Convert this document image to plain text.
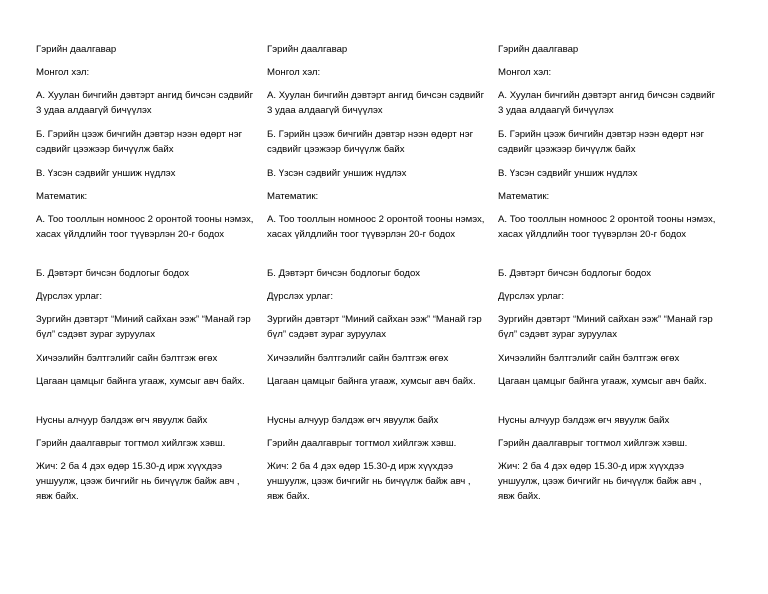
Гэрийн даалгавар

Монгол хэл:

А. Хуулан бичгийн дэвтэрт ангид бичсэн сэдвийг 3 удаа алдаагүй бичүүлэх

Б. Гэрийн цээж бичгийн дэвтэр нээн өдөрт нэг сэдвийг цээжээр бичүүлж байх

В. Үзсэн сэдвийг уншиж нүдлэх

Математик:

А. Тоо тооллын номноос 2 оронтой тооны нэмэх, хасах үйлдлийн тоог түүвэрлэн 20-г бодох

Б. Дэвтэрт бичсэн бодлогыг бодох

Дүрслэх урлаг:

Зургийн дэвтэрт “Миний сайхан ээж” “Манай гэр бүл” сэдэвт зураг зуруулах

Хичээлийн бэлтгэлийг сайн бэлтгэж өгөх

Цагаан цамцыг байнга угааж, хумсыг авч байх.

Нусны алчуур бэлдэж өгч явуулж байх

Гэрийн даалгаврыг тогтмол хийлгэж хэвш.

Жич: 2 ба 4 дэх өдөр 15.30-д ирж хүүхдээ уншуулж, цээж бичгийг нь бичүүлж байж авч , явж байх.

Гэрийн даалгавар

Монгол хэл:

А. Хуулан бичгийн дэвтэрт ангид бичсэн сэдвийг 3 удаа алдаагүй бичүүлэх

Б. Гэрийн цээж бичгийн дэвтэр нээн өдөрт нэг сэдвийг цээжээр бичүүлж байх

В. Үзсэн сэдвийг уншиж нүдлэх

Математик:

А. Тоо тооллын номноос 2 оронтой тооны нэмэх, хасах үйлдлийн тоог түүвэрлэн 20-г бодох

Б. Дэвтэрт бичсэн бодлогыг бодох

Дүрслэх урлаг:

Зургийн дэвтэрт “Миний сайхан ээж” “Манай гэр бүл” сэдэвт зураг зуруулах

Хичээлийн бэлтгэлийг сайн бэлтгэж өгөх

Цагаан цамцыг байнга угааж, хумсыг авч байх.

Нусны алчуур бэлдэж өгч явуулж байх

Гэрийн даалгаврыг тогтмол хийлгэж хэвш.

Жич: 2 ба 4 дэх өдөр 15.30-д ирж хүүхдээ уншуулж, цээж бичгийг нь бичүүлж байж авч , явж байх.

Гэрийн даалгавар

Монгол хэл:

А. Хуулан бичгийн дэвтэрт ангид бичсэн сэдвийг 3 удаа алдаагүй бичүүлэх

Б. Гэрийн цээж бичгийн дэвтэр нээн өдөрт нэг сэдвийг цээжээр бичүүлж байх

В. Үзсэн сэдвийг уншиж нүдлэх

Математик:

А. Тоо тооллын номноос 2 оронтой тооны нэмэх, хасах үйлдлийн тоог түүвэрлэн 20-г бодох

Б. Дэвтэрт бичсэн бодлогыг бодох

Дүрслэх урлаг:

Зургийн дэвтэрт “Миний сайхан ээж” “Манай гэр бүл” сэдэвт зураг зуруулах

Хичээлийн бэлтгэлийг сайн бэлтгэж өгөх

Цагаан цамцыг байнга угааж, хумсыг авч байх.

Нусны алчуур бэлдэж өгч явуулж байх

Гэрийн даалгаврыг тогтмол хийлгэж хэвш.

Жич: 2 ба 4 дэх өдөр 15.30-д ирж хүүхдээ уншуулж, цээж бичгийг нь бичүүлж байж авч , явж байх.
